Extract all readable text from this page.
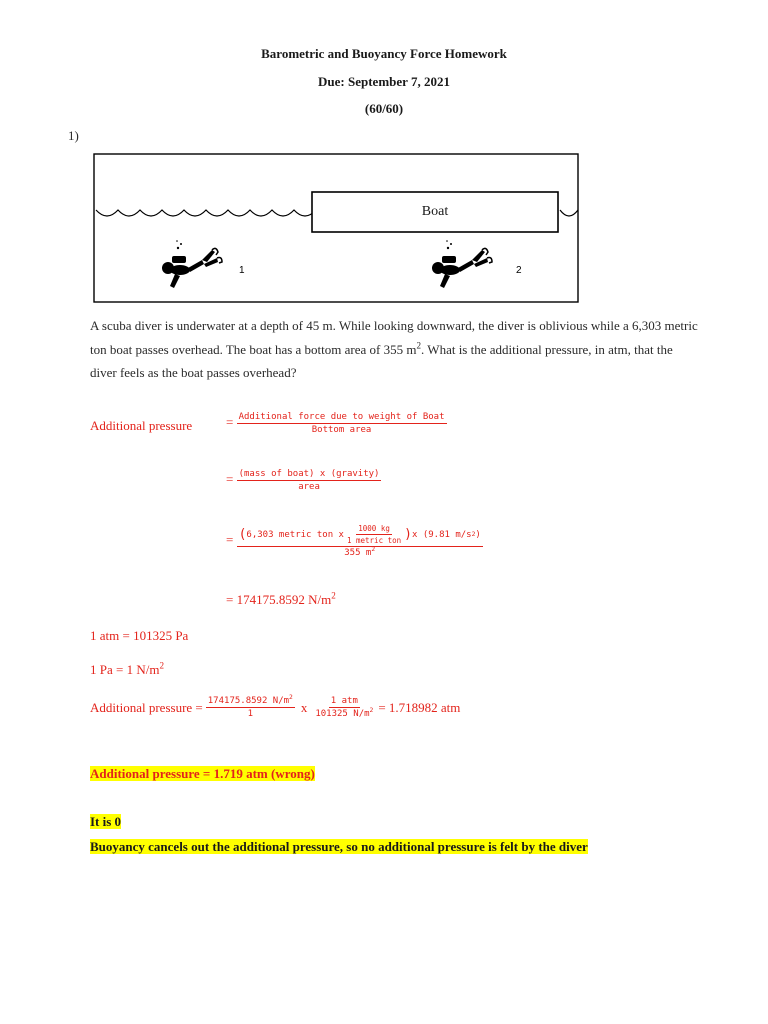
Barometric and Buoyancy Force Homework
Due: September 7, 2021
(60/60)
1)
1	2
Boat
A scuba diver is underwater at a depth of 45 m. While looking downward, the diver is oblivious while a 6,303 metric
ton boat passes overhead. The boat has a bottom area of 355 $m^2$. What is the additional pressure, in atm, that the
diver feels as the boat passes overhead?
Additional pressure	= $\frac{\text{Additional force due to weight of Boat}}{\text{Bottom area}}$
= $\frac{\text{(mass of boat) x (gravity)}}{\text{area}}$
= $\frac{( 6,303 metric ton x \frac{1000 kg}{\text{1 metric ton}} ) x (9.81 m/s 2 )}{355 m^2}$
= 174175.8592 $N/m^2$
1 atm = 101325 Pa
1 Pa = 1 $N/m^2$
Additional pressure = $\frac{174175.8592 N/m^2}{1}$ x $\frac{\text{1 atm}}{101325 N/m^2} = 1.718982$ atm
Additional pressure = 1.719 atm (wrong)
It is 0
Buoyancy cancels out the additional pressure, so no additional pressure is felt by the diver
